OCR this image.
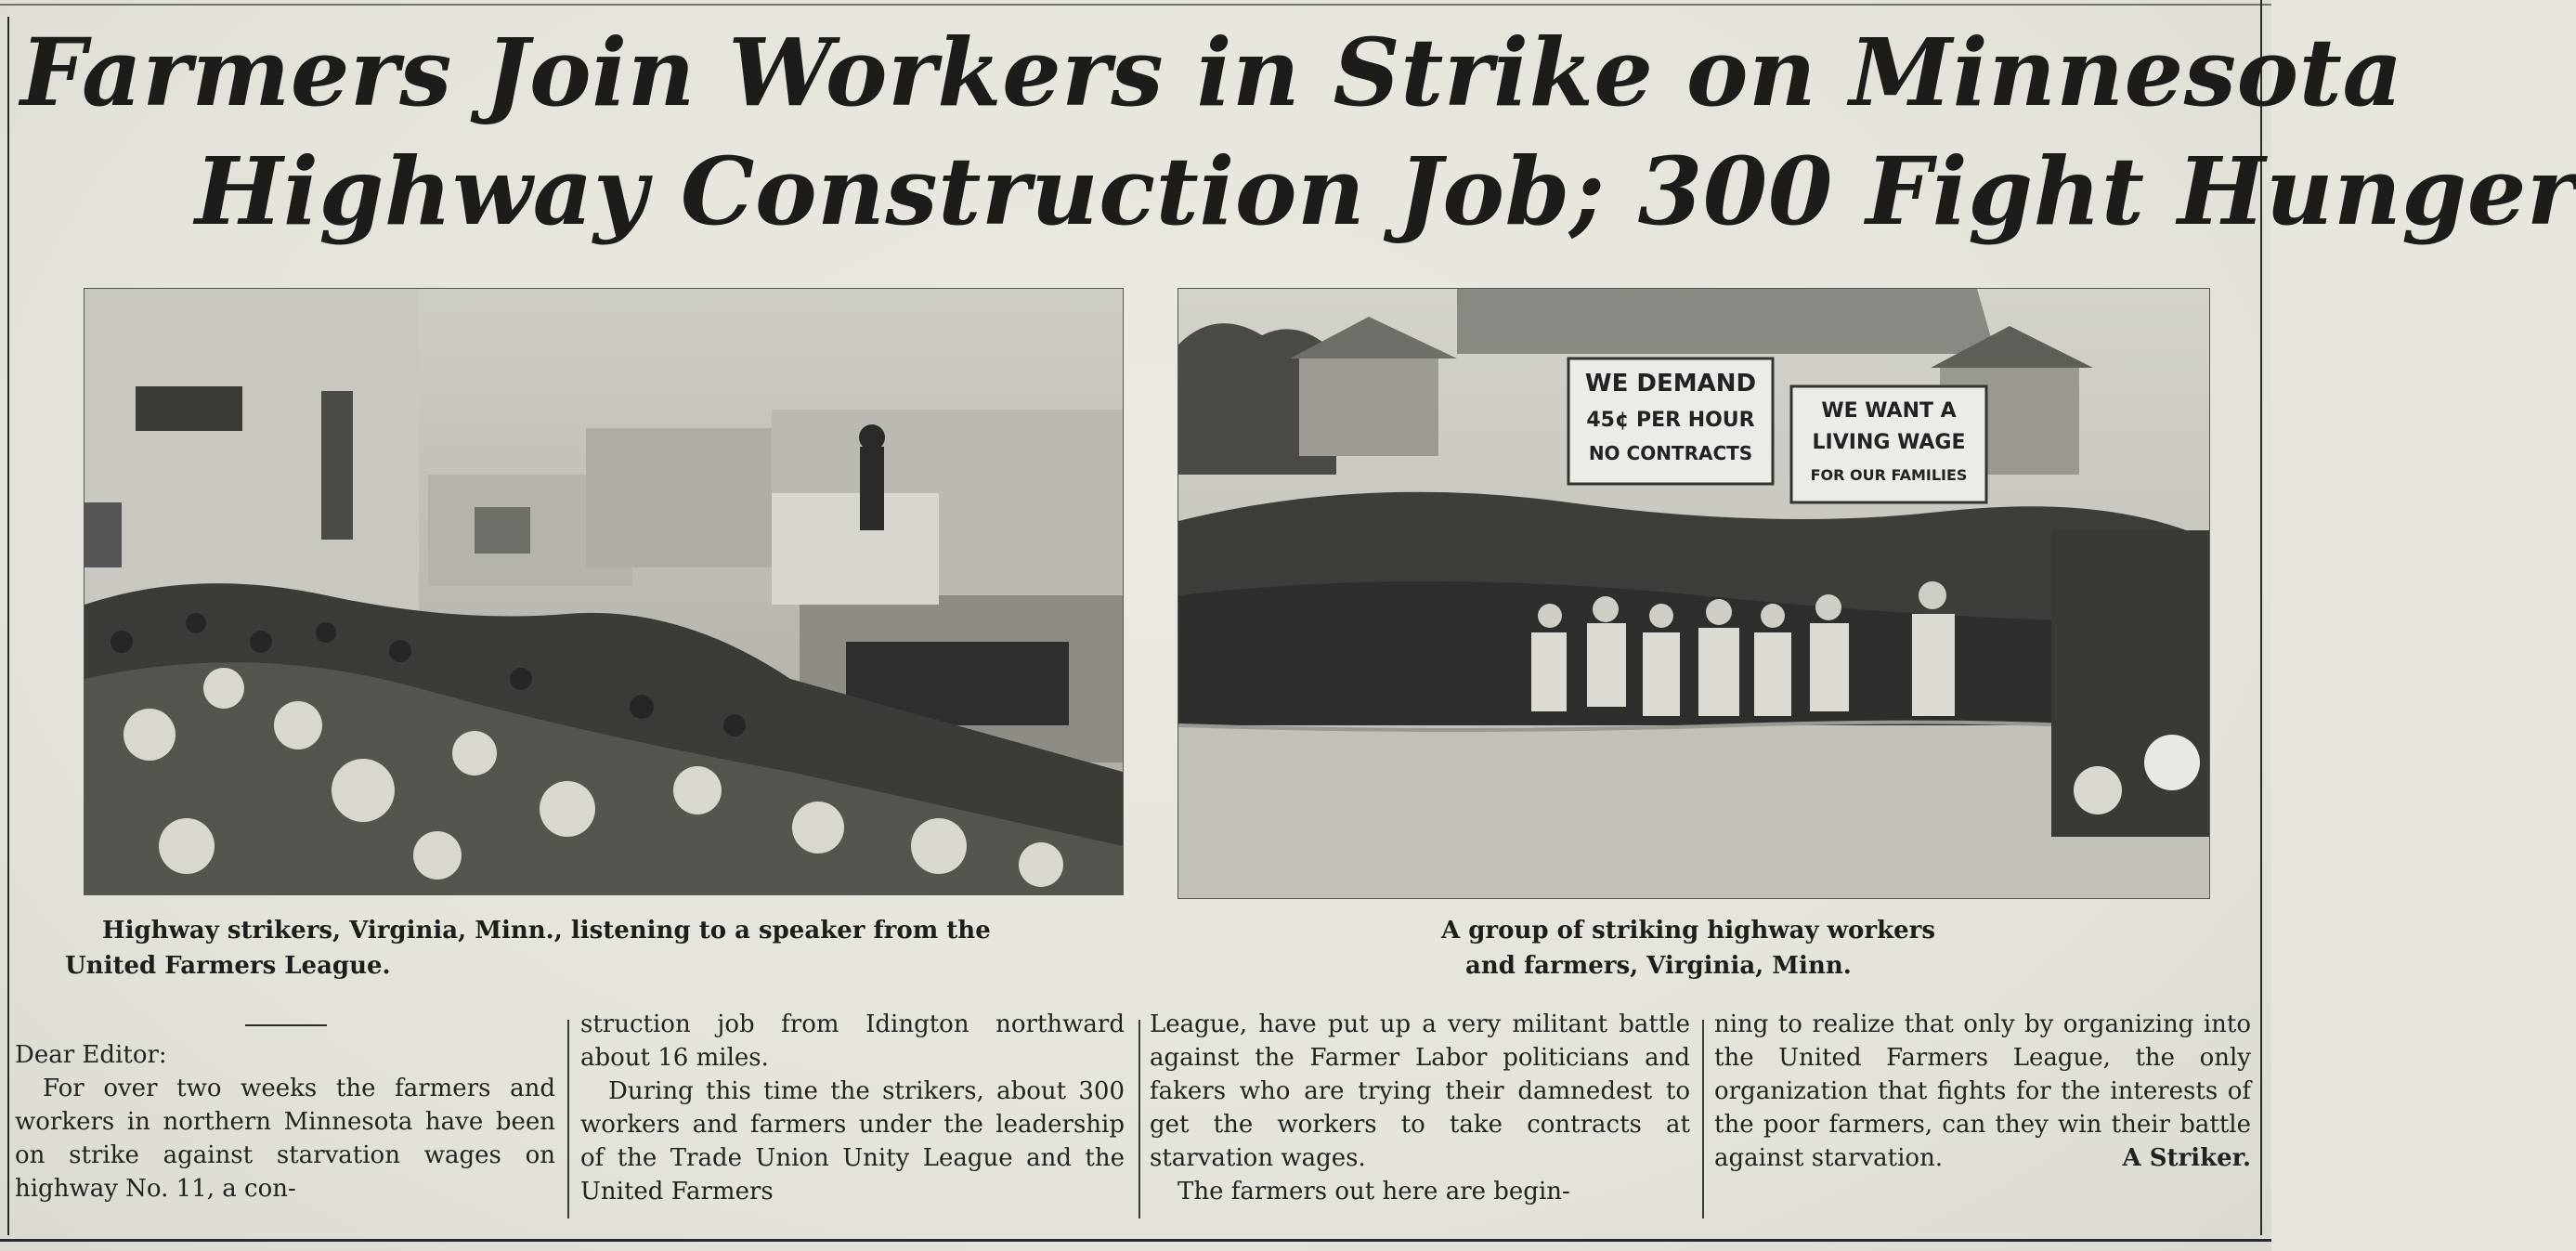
Farmers Join Workers in Strike on Minnesota
Highway Construction Job; 300 Fight Hunger
WE DEMAND
45¢ PER HOUR
NO CONTRACTS
WE WANT A
LIVING WAGE
FOR OUR FAMILIES

Highway strikers, Virginia, Minn., listening to a speaker from the

United Farmers League.

A group of striking highway workers

and farmers, Virginia, Minn.

Dear Editor:

For over two weeks the farmers and workers in northern Minnesota have been on strike against starvation wages on highway No. 11, a con-

struction job from Idington northward about 16 miles.

During this time the strikers, about 300 workers and farmers under the leadership of the Trade Union Unity League and the United Farmers

League, have put up a very militant battle against the Farmer Labor politicians and fakers who are trying their damnedest to get the workers to take contracts at starvation wages.

The farmers out here are begin-

ning to realize that only by organizing into the United Farmers League, the only organization that fights for the interests of the poor farmers, can they win their battle against starvation.	A Striker.
